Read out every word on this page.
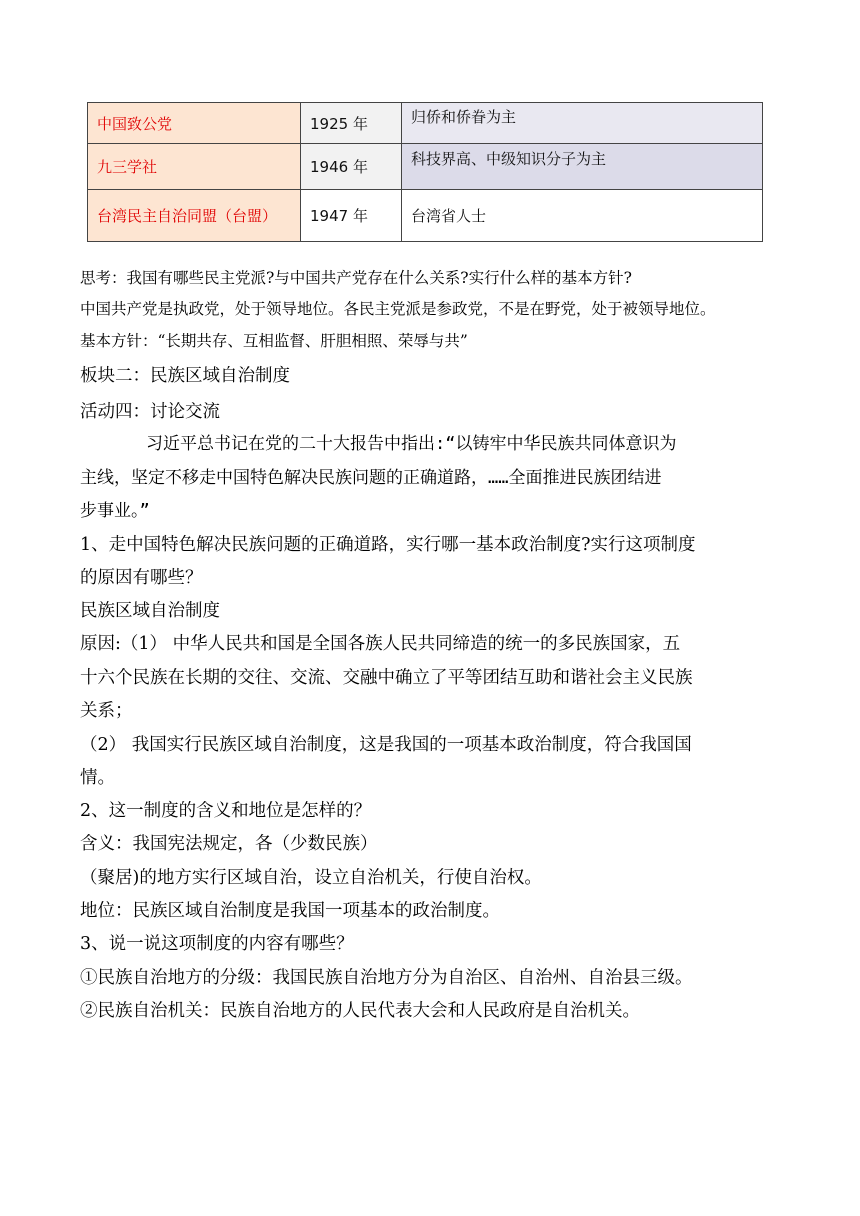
中国致公党	1925 年	归侨和侨眷为主
九三学社	1946 年	科技界高、中级知识分子为主
台湾民主自治同盟（台盟）	1947 年	台湾省人士
思考：我国有哪些民主党派?与中国共产党存在什么关系?实行什么样的基本方针?
中国共产党是执政党，处于领导地位。各民主党派是参政党，不是在野党，处于被领导地位。
基本方针：“长期共存、互相监督、肝胆相照、荣辱与共”
板块二：民族区域自治制度
活动四：讨论交流
习近平总书记在党的二十大报告中指出:“以铸牢中华民族共同体意识为
主线，坚定不移走中国特色解决民族问题的正确道路，……全面推进民族团结进
步事业。”
1、走中国特色解决民族问题的正确道路，实行哪一基本政治制度?实行这项制度
的原因有哪些？
民族区域自治制度
原因:（1） 中华人民共和国是全国各族人民共同缔造的统一的多民族国家，五
十六个民族在长期的交往、交流、交融中确立了平等团结互助和谐社会主义民族
关系；
（2） 我国实行民族区域自治制度，这是我国的一项基本政治制度，符合我国国
情。
2、这一制度的含义和地位是怎样的？
含义：我国宪法规定，各（少数民族）
（聚居)的地方实行区域自治，设立自治机关，行使自治权。
地位：民族区域自治制度是我国一项基本的政治制度。
3、说一说这项制度的内容有哪些？
①民族自治地方的分级：我国民族自治地方分为自治区、自治州、自治县三级。
②民族自治机关：民族自治地方的人民代表大会和人民政府是自治机关。
